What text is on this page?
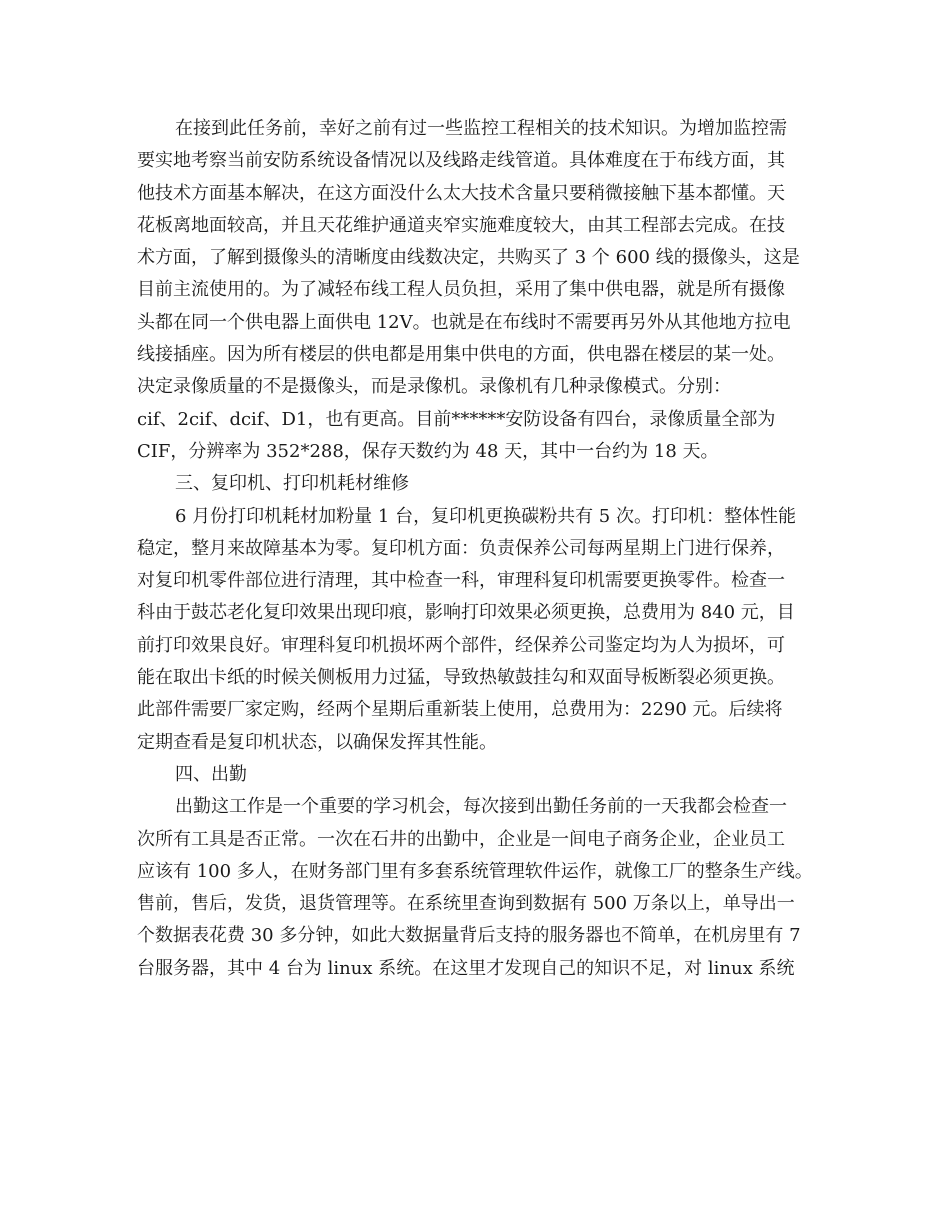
在接到此任务前，幸好之前有过一些监控工程相关的技术知识。为增加监控需
要实地考察当前安防系统设备情况以及线路走线管道。具体难度在于布线方面，其
他技术方面基本解决，在这方面没什么太大技术含量只要稍微接触下基本都懂。天
花板离地面较高，并且天花维护通道夹窄实施难度较大，由其工程部去完成。在技
术方面，了解到摄像头的清晰度由线数决定，共购买了 3 个 600 线的摄像头，这是
目前主流使用的。为了减轻布线工程人员负担，采用了集中供电器，就是所有摄像
头都在同一个供电器上面供电 12V。也就是在布线时不需要再另外从其他地方拉电
线接插座。因为所有楼层的供电都是用集中供电的方面，供电器在楼层的某一处。
决定录像质量的不是摄像头，而是录像机。录像机有几种录像模式。分别：
cif、2cif、dcif、D1，也有更高。目前******安防设备有四台，录像质量全部为
CIF，分辨率为 352*288，保存天数约为 48 天，其中一台约为 18 天。
三、复印机、打印机耗材维修
6 月份打印机耗材加粉量 1 台，复印机更换碳粉共有 5 次。打印机：整体性能
稳定，整月来故障基本为零。复印机方面：负责保养公司每两星期上门进行保养，
对复印机零件部位进行清理，其中检查一科，审理科复印机需要更换零件。检查一
科由于鼓芯老化复印效果出现印痕，影响打印效果必须更换，总费用为 840 元，目
前打印效果良好。审理科复印机损坏两个部件，经保养公司鉴定均为人为损坏，可
能在取出卡纸的时候关侧板用力过猛，导致热敏鼓挂勾和双面导板断裂必须更换。
此部件需要厂家定购，经两个星期后重新装上使用，总费用为：2290 元。后续将
定期查看是复印机状态，以确保发挥其性能。
四、出勤
出勤这工作是一个重要的学习机会，每次接到出勤任务前的一天我都会检查一
次所有工具是否正常。一次在石井的出勤中，企业是一间电子商务企业，企业员工
应该有 100 多人，在财务部门里有多套系统管理软件运作，就像工厂的整条生产线。
售前，售后，发货，退货管理等。在系统里查询到数据有 500 万条以上，单导出一
个数据表花费 30 多分钟，如此大数据量背后支持的服务器也不简单，在机房里有 7
台服务器，其中 4 台为 linux 系统。在这里才发现自己的知识不足，对 linux 系统
